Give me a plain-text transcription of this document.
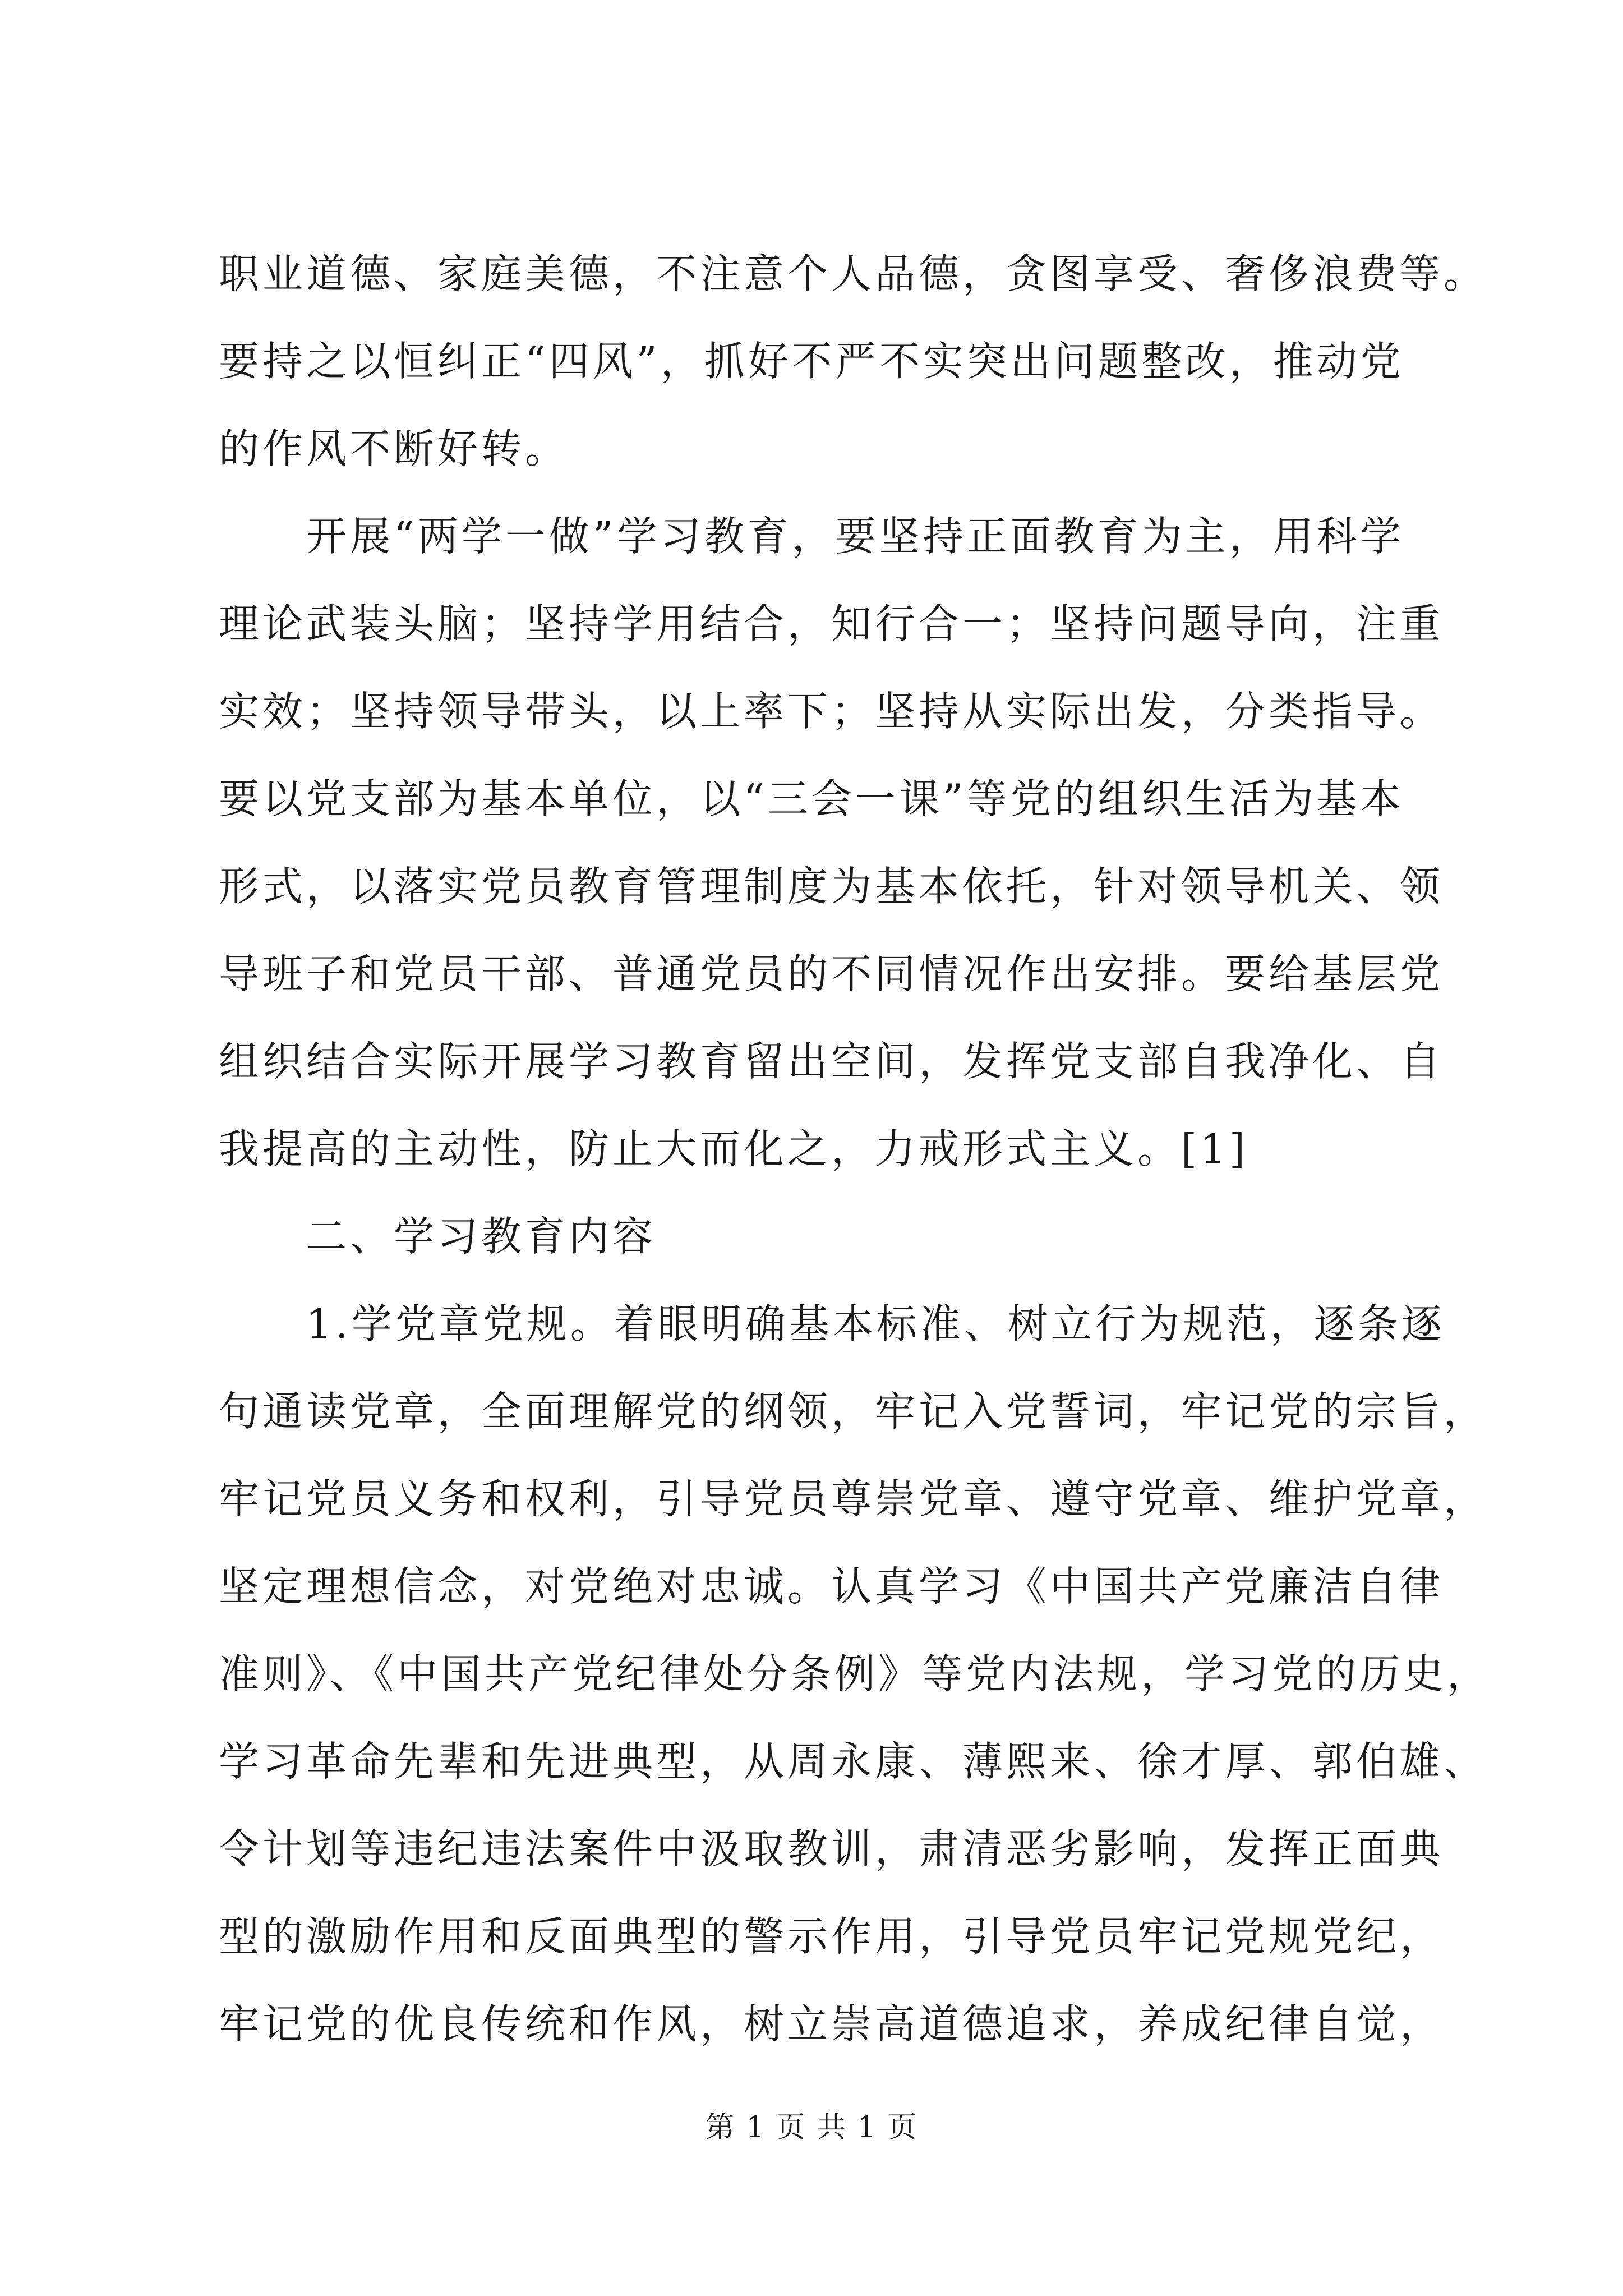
职业道德、家庭美德，不注意个人品德，贪图享受、奢侈浪费等。
要持之以恒纠正“四风”，抓好不严不实突出问题整改，推动党
的作风不断好转。
　　开展“两学一做”学习教育，要坚持正面教育为主，用科学
理论武装头脑；坚持学用结合，知行合一；坚持问题导向，注重
实效；坚持领导带头，以上率下；坚持从实际出发，分类指导。
要以党支部为基本单位，以“三会一课”等党的组织生活为基本
形式，以落实党员教育管理制度为基本依托，针对领导机关、领
导班子和党员干部、普通党员的不同情况作出安排。要给基层党
组织结合实际开展学习教育留出空间，发挥党支部自我净化、自
我提高的主动性，防止大而化之，力戒形式主义。[1]
　　二、学习教育内容
　　1.学党章党规。着眼明确基本标准、树立行为规范，逐条逐
句通读党章，全面理解党的纲领，牢记入党誓词，牢记党的宗旨，
牢记党员义务和权利，引导党员尊崇党章、遵守党章、维护党章，
坚定理想信念，对党绝对忠诚。认真学习《中国共产党廉洁自律
准则》、《中国共产党纪律处分条例》等党内法规，学习党的历史，
学习革命先辈和先进典型，从周永康、薄熙来、徐才厚、郭伯雄、
令计划等违纪违法案件中汲取教训，肃清恶劣影响，发挥正面典
型的激励作用和反面典型的警示作用，引导党员牢记党规党纪，
牢记党的优良传统和作风，树立崇高道德追求，养成纪律自觉，
第 1 页 共 1 页
